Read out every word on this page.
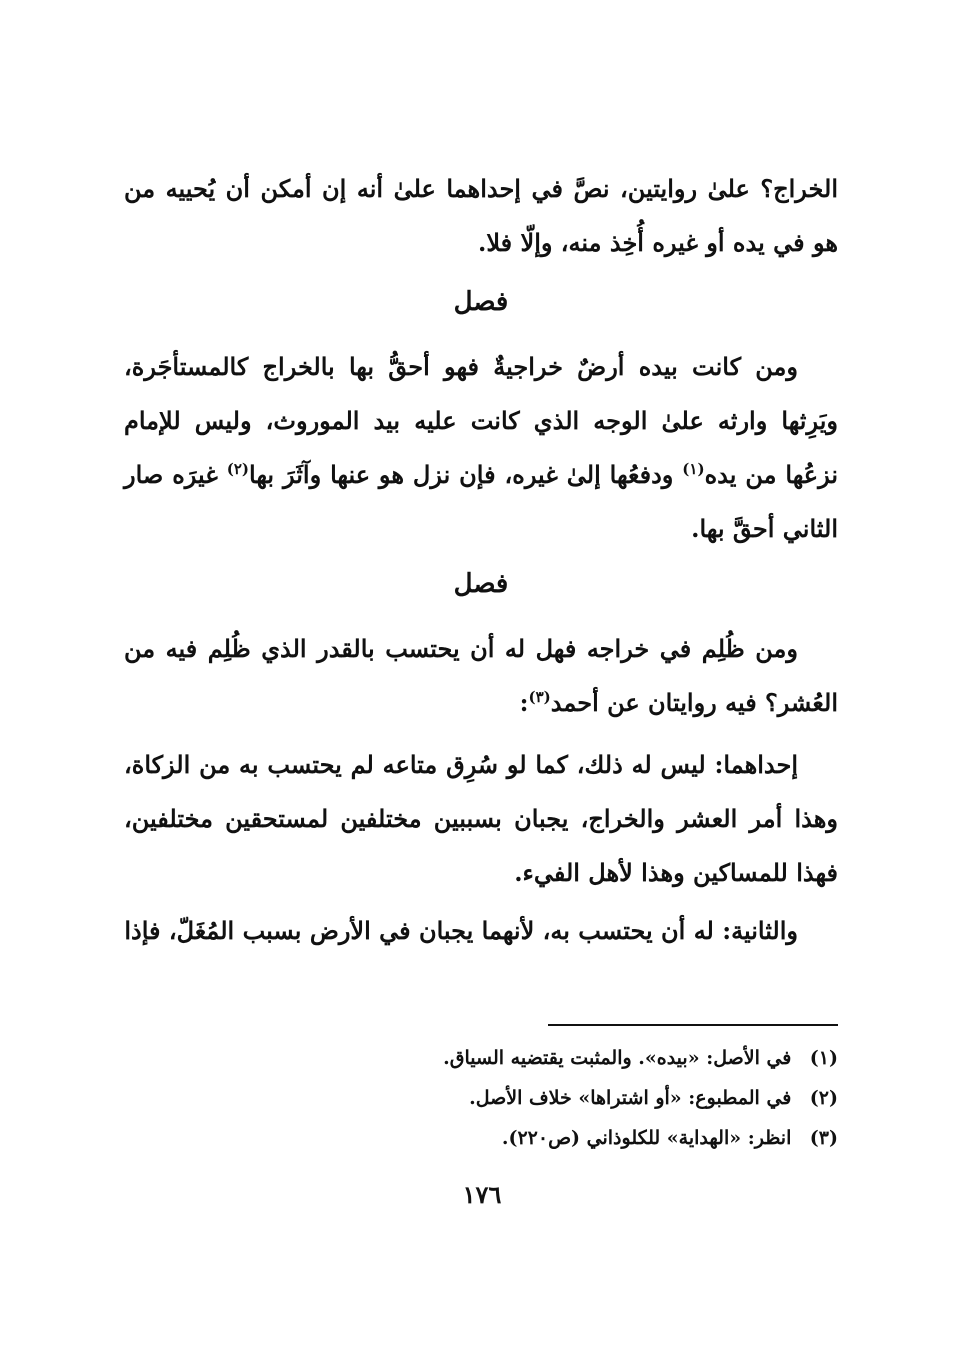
الخراج؟ علىٰ روايتين، نصَّ في إحداهما علىٰ أنه إن أمكن أن يُحييه من هو في يده أو غيره أُخِذ منه، وإلّا فلا.

فصل

ومن كانت بيده أرضٌ خراجيةٌ فهو أحقُّ بها بالخراج كالمستأجَرة، ويَرِثها وارثه علىٰ الوجه الذي كانت عليه بيد الموروث، وليس للإمام نزعُها من يده$^{(١)}$ ودفعُها إلىٰ غيره، فإن نزل هو عنها وآثَرَ بها$^{(٢)}$ غيرَه صار الثاني أحقَّ بها.

فصل

ومن ظُلِم في خراجه فهل له أن يحتسب بالقدر الذي ظُلِم فيه من العُشر؟ فيه روايتان عن أحمد$^{(٣)}$:

إحداهما: ليس له ذلك، كما لو سُرِق متاعه لم يحتسب به من الزكاة، وهذا أمر العشر والخراج، يجبان بسببين مختلفين لمستحقين مختلفين، فهذا للمساكين وهذا لأهل الفيء.

والثانية: له أن يحتسب به، لأنهما يجبان في الأرض بسبب المُغَلّ، فإذا

(١) في الأصل: «بيده». والمثبت يقتضيه السياق.
(٢) في المطبوع: «أو اشتراها» خلاف الأصل.
(٣) انظر: «الهداية» للكلوذاني (ص٢٢٠).
١٧٦
